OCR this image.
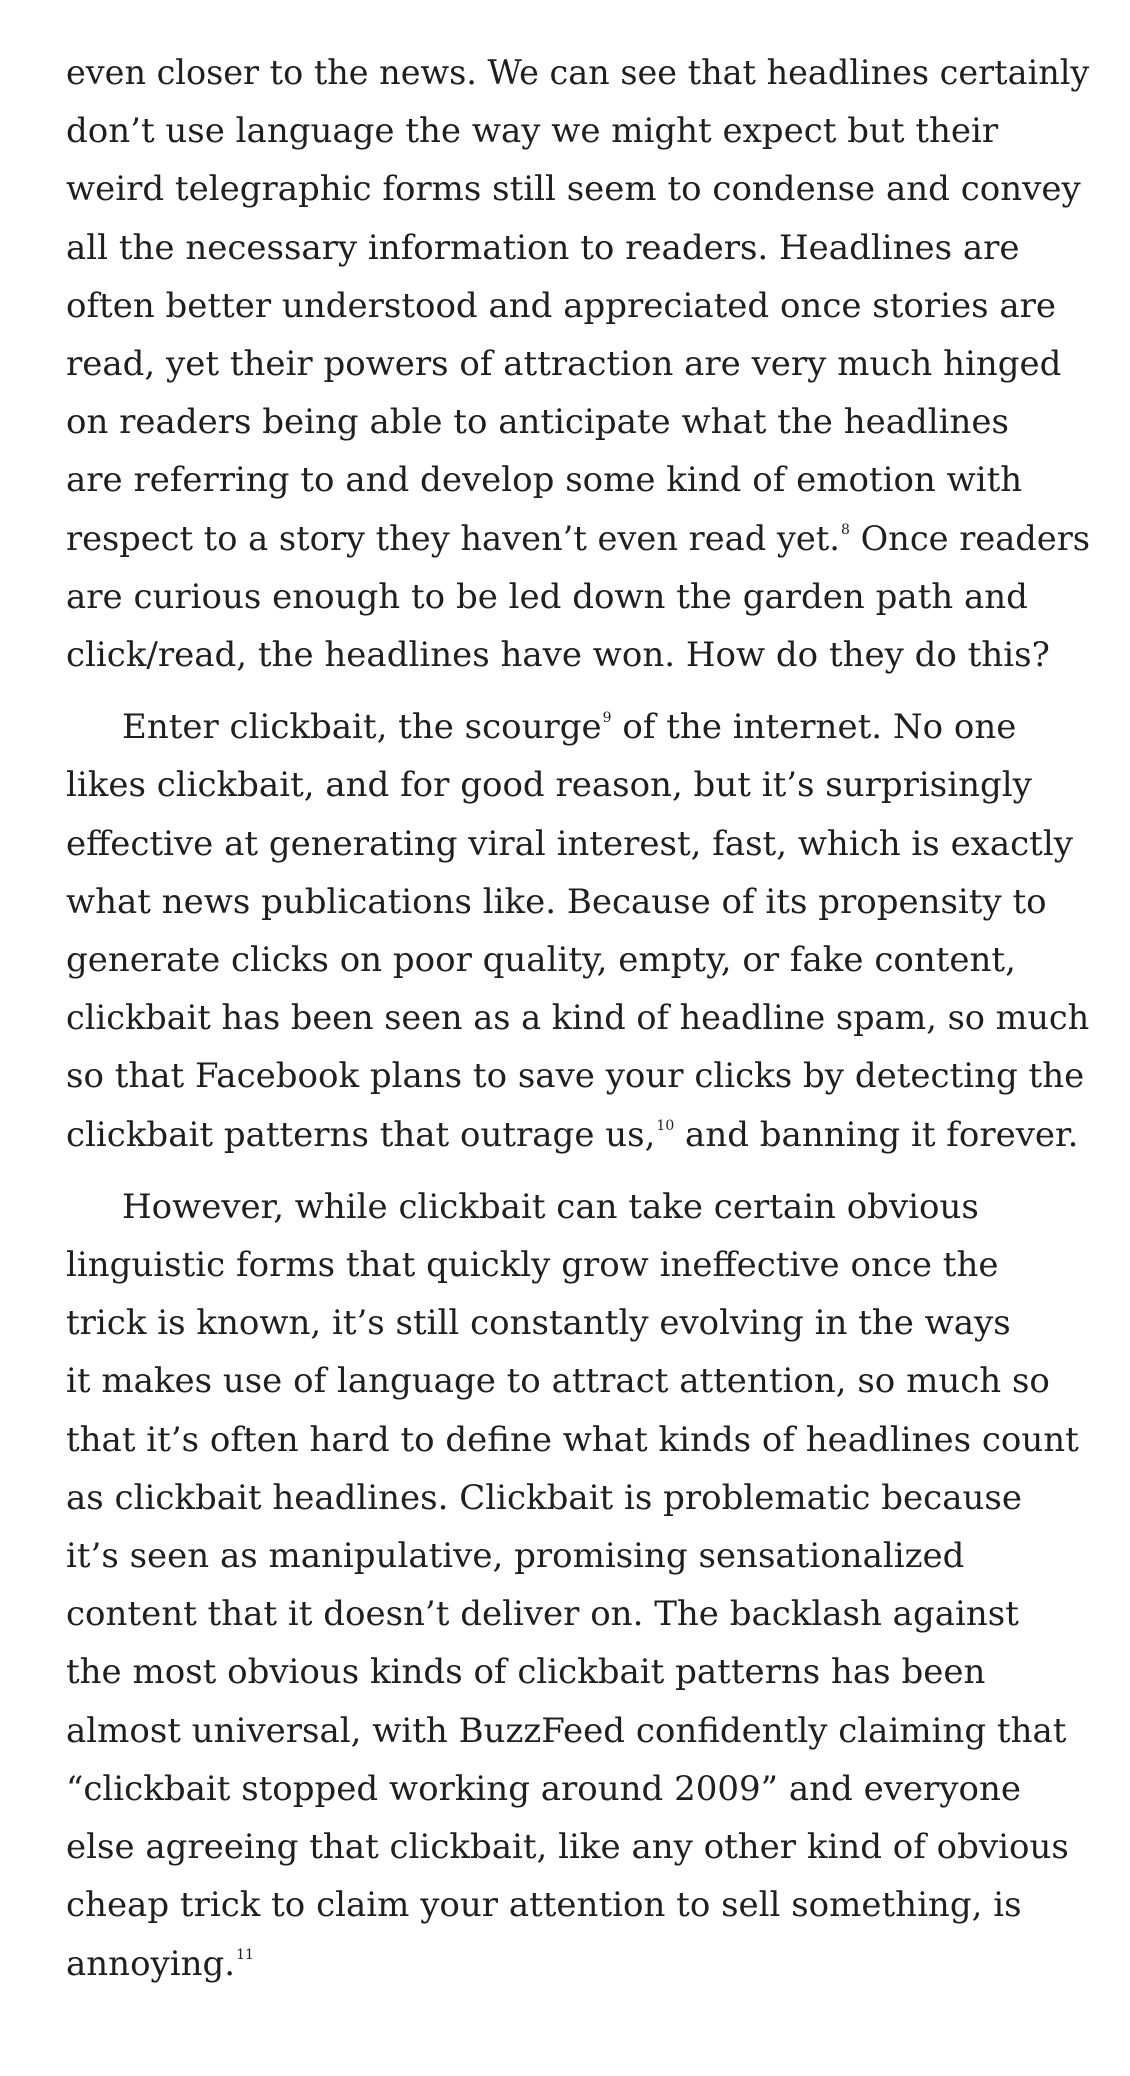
even closer to the news. We can see that headlines certainly
don’t use language the way we might expect but their
weird telegraphic forms still seem to condense and convey
all the necessary information to readers. Headlines are
often better understood and appreciated once stories are
read, yet their powers of attraction are very much hinged
on readers being able to anticipate what the headlines
are referring to and develop some kind of emotion with
respect to a story they haven’t even read yet.$^8$ Once readers
are curious enough to be led down the garden path and
click/read, the headlines have won. How do they do this?
Enter clickbait, the scourge$^9$ of the internet. No one
likes clickbait, and for good reason, but it’s surprisingly
effective at generating viral interest, fast, which is exactly
what news publications like. Because of its propensity to
generate clicks on poor quality, empty, or fake content,
clickbait has been seen as a kind of headline spam, so much
so that Facebook plans to save your clicks by detecting the
clickbait patterns that outrage us,$^{10}$ and banning it forever.
However, while clickbait can take certain obvious
linguistic forms that quickly grow ineffective once the
trick is known, it’s still constantly evolving in the ways
it makes use of language to attract attention, so much so
that it’s often hard to define what kinds of headlines count
as clickbait headlines. Clickbait is problematic because
it’s seen as manipulative, promising sensationalized
content that it doesn’t deliver on. The backlash against
the most obvious kinds of clickbait patterns has been
almost universal, with BuzzFeed confidently claiming that
“clickbait stopped working around 2009” and everyone
else agreeing that clickbait, like any other kind of obvious
cheap trick to claim your attention to sell something, is
annoying.$^{11}$
